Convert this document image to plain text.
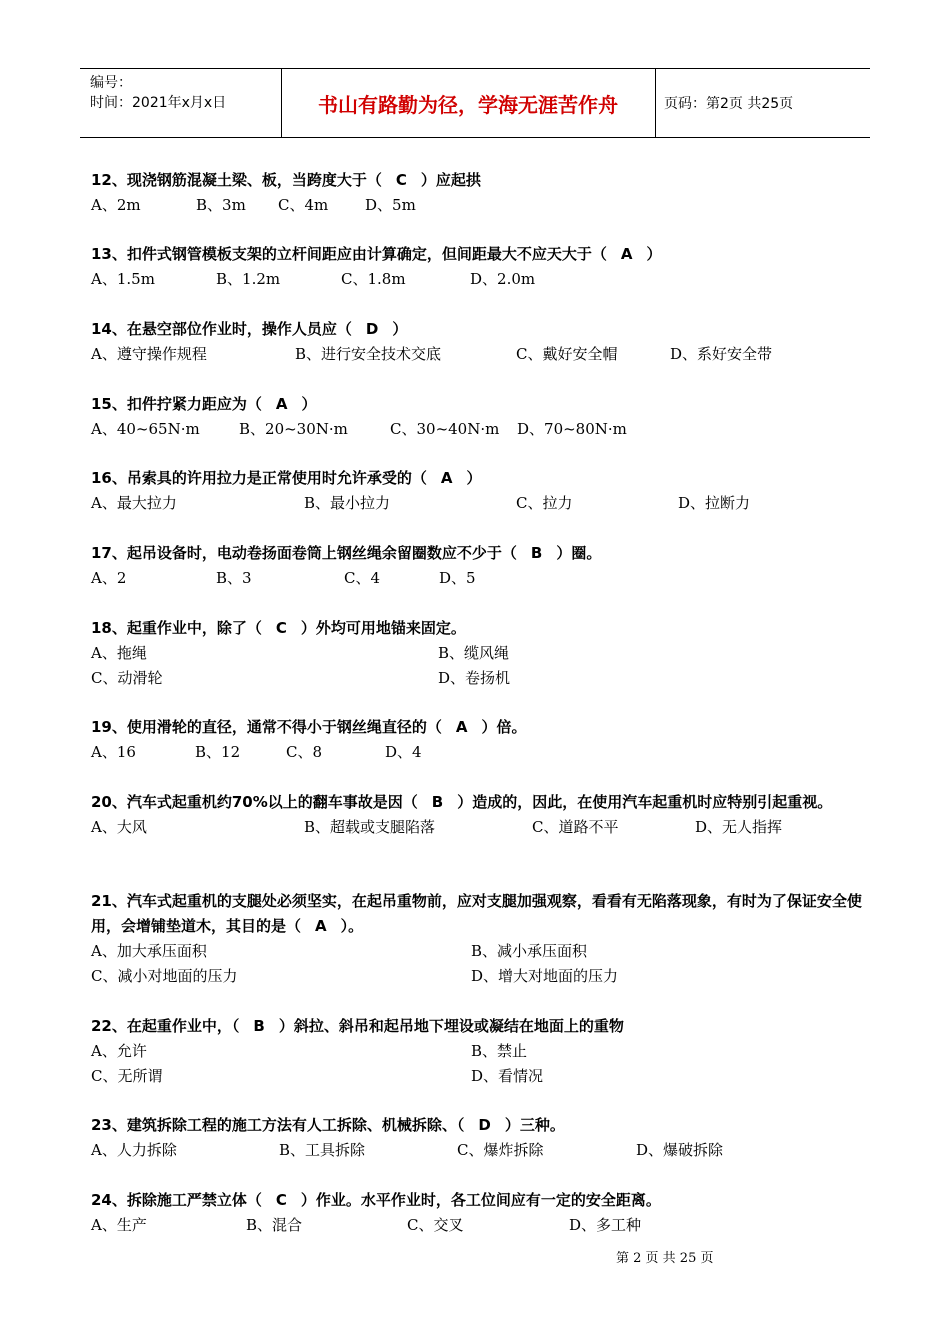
编号：
时间：2021年x月x日	书山有路勤为径，学海无涯苦作舟	页码：第2页 共25页
12、现浇钢筋混凝土梁、板，当跨度大于（ C ）应起拱
A、2m	B、3m C、4m D、5m
13、扣件式钢管模板支架的立杆间距应由计算确定，但间距最大不应天大于（ A ）
A、1.5m	B、1.2m	C、1.8m	D、2.0m
14、在悬空部位作业时，操作人员应（ D ）
A、遵守操作规程	B、进行安全技术交底	C、戴好安全帽	D、系好安全带
15、扣件拧紧力距应为（ A ）
A、40~65N·m	B、20~30N·m	C、30~40N·m D、70~80N·m
16、吊索具的许用拉力是正常使用时允许承受的（ A ）
A、最大拉力	B、最小拉力	C、拉力	D、拉断力
17、起吊设备时，电动卷扬面卷筒上钢丝绳余留圈数应不少于（ B ）圈。
A、2	B、3	C、4	D、5
18、起重作业中，除了（ C ）外均可用地锚来固定。
A、拖绳	B、缆风绳
C、动滑轮	D、卷扬机
19、使用滑轮的直径，通常不得小于钢丝绳直径的（ A ）倍。
A、16	B、12	C、8	D、4
20、汽车式起重机约70%以上的翻车事故是因（ B ）造成的，因此，在使用汽车起重机时应特别引起重视。
A、大风	B、超载或支腿陷落	C、道路不平	D、无人指挥
21、汽车式起重机的支腿处必须坚实，在起吊重物前，应对支腿加强观察，看看有无陷落现象，有时为了保证安全使用，会增铺垫道木，其目的是（ A ）。
A、加大承压面积	B、减小承压面积
C、减小对地面的压力	D、增大对地面的压力
22、在起重作业中，（ B ）斜拉、斜吊和起吊地下埋设或凝结在地面上的重物
A、允许	B、禁止
C、无所谓	D、看情况
23、建筑拆除工程的施工方法有人工拆除、机械拆除、（ D ）三种。
A、人力拆除	B、工具拆除	C、爆炸拆除	D、爆破拆除
24、拆除施工严禁立体（ C ）作业。水平作业时，各工位间应有一定的安全距离。
A、生产	B、混合	C、交叉	D、多工种
第 2 页 共 25 页
